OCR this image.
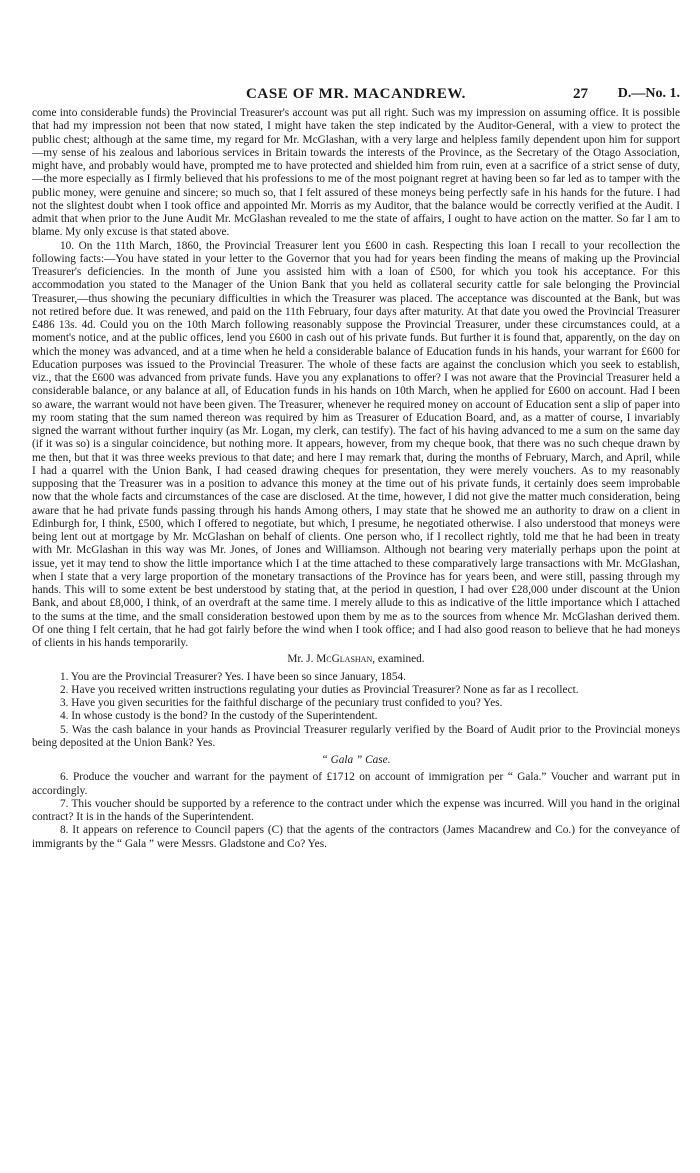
CASE OF MR. MACANDREW.	27 D.—No. 1.

come into considerable funds) the Provincial Treasurer's account was put all right. Such was my impression on assuming office. It is possible that had my impression not been that now stated, I might have taken the step indicated by the Auditor-General, with a view to protect the public chest; although at the same time, my regard for Mr. McGlashan, with a very large and helpless family dependent upon him for support—my sense of his zealous and laborious services in Britain towards the interests of the Province, as the Secretary of the Otago Association, might have, and probably would have, prompted me to have protected and shielded him from ruin, even at a sacrifice of a strict sense of duty, —the more especially as I firmly believed that his professions to me of the most poignant regret at having been so far led as to tamper with the public money, were genuine and sincere; so much so, that I felt assured of these moneys being perfectly safe in his hands for the future. I had not the slightest doubt when I took office and appointed Mr. Morris as my Auditor, that the balance would be correctly verified at the Audit. I admit that when prior to the June Audit Mr. McGlashan revealed to me the state of affairs, I ought to have action on the matter. So far I am to blame. My only excuse is that stated above.

10. On the 11th March, 1860, the Provincial Treasurer lent you £600 in cash. Respecting this loan I recall to your recollection the following facts:—You have stated in your letter to the Governor that you had for years been finding the means of making up the Provincial Treasurer's deficiencies. In the month of June you assisted him with a loan of £500, for which you took his acceptance. For this accommodation you stated to the Manager of the Union Bank that you held as collateral security cattle for sale belonging the Provincial Treasurer,—thus showing the pecuniary difficulties in which the Treasurer was placed. The acceptance was discounted at the Bank, but was not retired before due. It was renewed, and paid on the 11th February, four days after maturity. At that date you owed the Provincial Treasurer £486 13s. 4d. Could you on the 10th March following reasonably suppose the Provincial Treasurer, under these circumstances could, at a moment's notice, and at the public offices, lend you £600 in cash out of his private funds. But further it is found that, apparently, on the day on which the money was advanced, and at a time when he held a considerable balance of Education funds in his hands, your warrant for £600 for Education purposes was issued to the Provincial Treasurer. The whole of these facts are against the conclusion which you seek to establish, viz., that the £600 was advanced from private funds. Have you any explanations to offer? I was not aware that the Provincial Treasurer held a considerable balance, or any balance at all, of Education funds in his hands on 10th March, when he applied for £600 on account. Had I been so aware, the warrant would not have been given. The Treasurer, whenever he required money on account of Education sent a slip of paper into my room stating that the sum named thereon was required by him as Treasurer of Education Board, and, as a matter of course, I invariably signed the warrant without further inquiry (as Mr. Logan, my clerk, can testify). The fact of his having advanced to me a sum on the same day (if it was so) is a singular coincidence, but nothing more. It appears, however, from my cheque book, that there was no such cheque drawn by me then, but that it was three weeks previous to that date; and here I may remark that, during the months of February, March, and April, while I had a quarrel with the Union Bank, I had ceased drawing cheques for presentation, they were merely vouchers. As to my reasonably supposing that the Treasurer was in a position to advance this money at the time out of his private funds, it certainly does seem improbable now that the whole facts and circumstances of the case are disclosed. At the time, however, I did not give the matter much consideration, being aware that he had private funds passing through his hands Among others, I may state that he showed me an authority to draw on a client in Edinburgh for, I think, £500, which I offered to negotiate, but which, I presume, he negotiated otherwise. I also understood that moneys were being lent out at mortgage by Mr. McGlashan on behalf of clients. One person who, if I recollect rightly, told me that he had been in treaty with Mr. McGlashan in this way was Mr. Jones, of Jones and Williamson. Although not bearing very materially perhaps upon the point at issue, yet it may tend to show the little importance which I at the time attached to these comparatively large transactions with Mr. McGlashan, when I state that a very large proportion of the monetary transactions of the Province has for years been, and were still, passing through my hands. This will to some extent be best understood by stating that, at the period in question, I had over £28,000 under discount at the Union Bank, and about £8,000, I think, of an overdraft at the same time. I merely allude to this as indicative of the little importance which I attached to the sums at the time, and the small consideration bestowed upon them by me as to the sources from whence Mr. McGlashan derived them. Of one thing I felt certain, that he had got fairly before the wind when I took office; and I had also good reason to believe that he had moneys of clients in his hands temporarily.

Mr. J. McGlashan, examined.

1. You are the Provincial Treasurer? Yes. I have been so since January, 1854.

2. Have you received written instructions regulating your duties as Provincial Treasurer? None as far as I recollect.

3. Have you given securities for the faithful discharge of the pecuniary trust confided to you? Yes.

4. In whose custody is the bond? In the custody of the Superintendent.

5. Was the cash balance in your hands as Provincial Treasurer regularly verified by the Board of Audit prior to the Provincial moneys being deposited at the Union Bank? Yes.

“ Gala ” Case.

6. Produce the voucher and warrant for the payment of £1712 on account of immigration per “ Gala.” Voucher and warrant put in accordingly.

7. This voucher should be supported by a reference to the contract under which the expense was incurred. Will you hand in the original contract? It is in the hands of the Superintendent.

8. It appears on reference to Council papers (C) that the agents of the contractors (James Macandrew and Co.) for the conveyance of immigrants by the “ Gala ” were Messrs. Gladstone and Co? Yes.
